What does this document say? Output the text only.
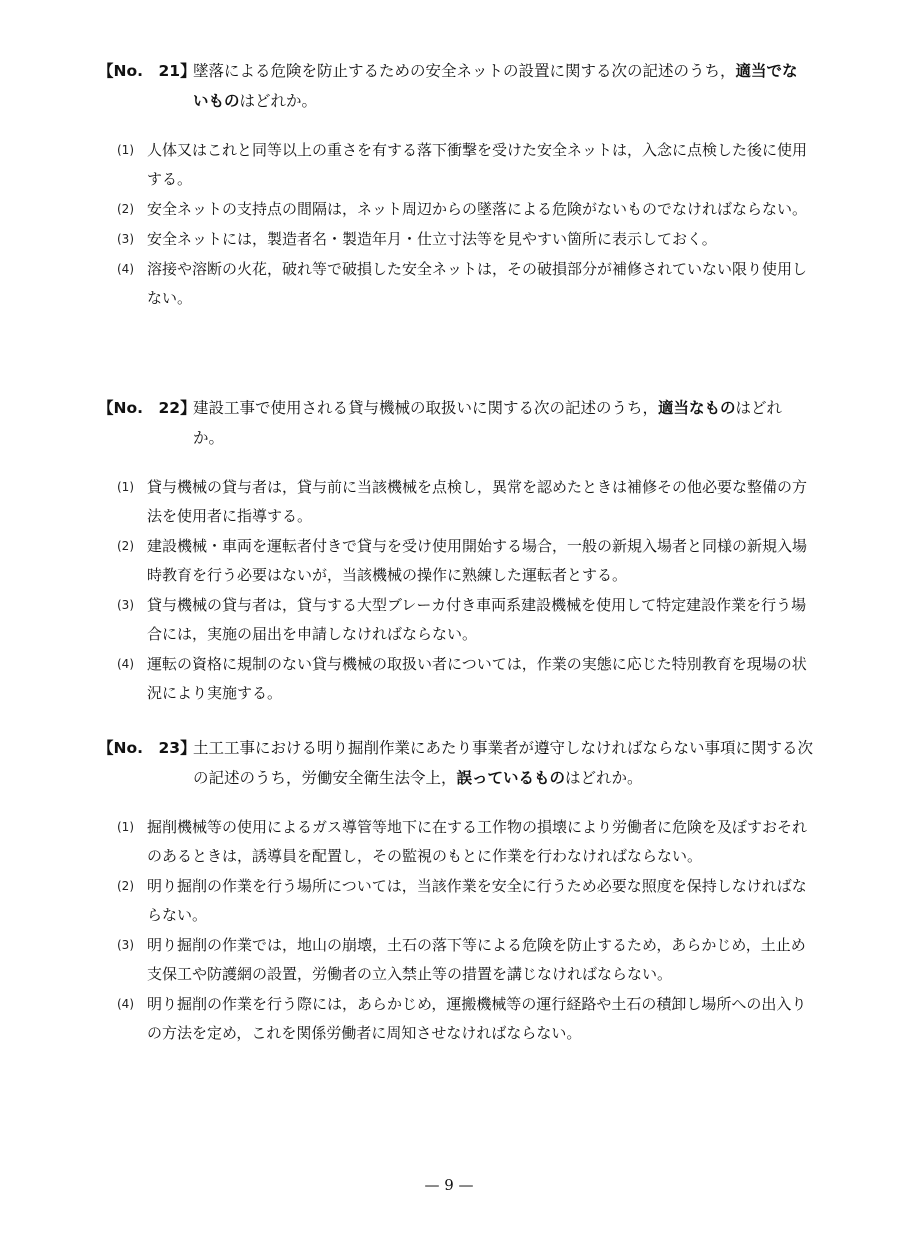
【No.　21】
墜落による危険を防止するための安全ネットの設置に関する次の記述のうち，適当でないものはどれか。
(1) 人体又はこれと同等以上の重さを有する落下衝撃を受けた安全ネットは，入念に点検した後に使用する。
(2) 安全ネットの支持点の間隔は，ネット周辺からの墜落による危険がないものでなければならない。
(3) 安全ネットには，製造者名・製造年月・仕立寸法等を見やすい箇所に表示しておく。
(4) 溶接や溶断の火花，破れ等で破損した安全ネットは，その破損部分が補修されていない限り使用しない。
【No.　22】
建設工事で使用される貸与機械の取扱いに関する次の記述のうち，適当なものはどれか。
(1) 貸与機械の貸与者は，貸与前に当該機械を点検し，異常を認めたときは補修その他必要な整備の方法を使用者に指導する。
(2) 建設機械・車両を運転者付きで貸与を受け使用開始する場合，一般の新規入場者と同様の新規入場時教育を行う必要はないが，当該機械の操作に熟練した運転者とする。
(3) 貸与機械の貸与者は，貸与する大型ブレーカ付き車両系建設機械を使用して特定建設作業を行う場合には，実施の届出を申請しなければならない。
(4) 運転の資格に規制のない貸与機械の取扱い者については，作業の実態に応じた特別教育を現場の状況により実施する。
【No.　23】
土工工事における明り掘削作業にあたり事業者が遵守しなければならない事項に関する次の記述のうち，労働安全衛生法令上，誤っているものはどれか。
(1) 掘削機械等の使用によるガス導管等地下に在する工作物の損壊により労働者に危険を及ぼすおそれのあるときは，誘導員を配置し，その監視のもとに作業を行わなければならない。
(2) 明り掘削の作業を行う場所については，当該作業を安全に行うため必要な照度を保持しなければならない。
(3) 明り掘削の作業では，地山の崩壊，土石の落下等による危険を防止するため，あらかじめ，土止め支保工や防護網の設置，労働者の立入禁止等の措置を講じなければならない。
(4) 明り掘削の作業を行う際には，あらかじめ，運搬機械等の運行経路や土石の積卸し場所への出入りの方法を定め，これを関係労働者に周知させなければならない。
— 9 —
